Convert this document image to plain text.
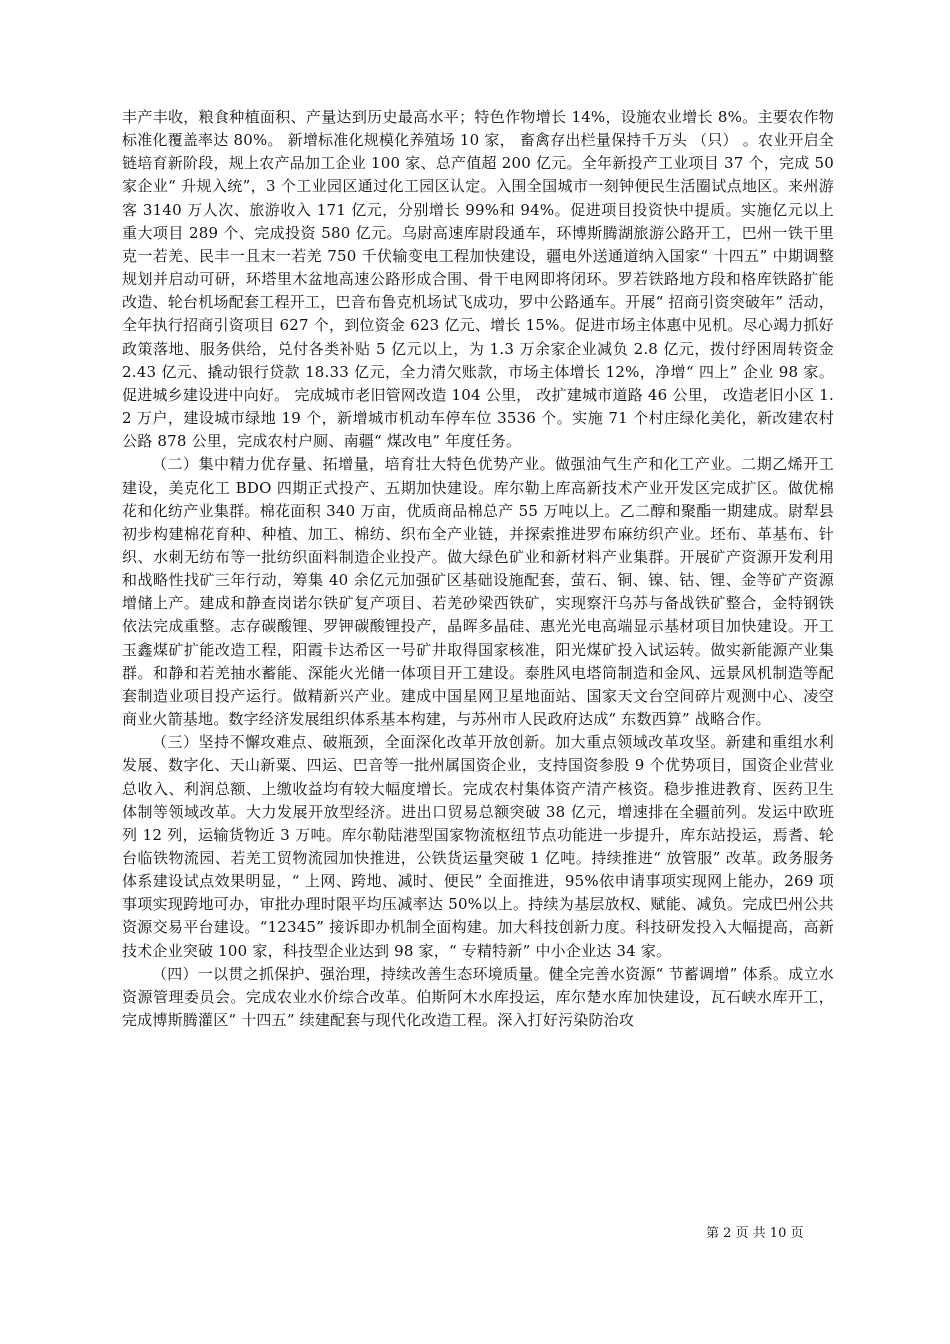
丰产丰收，粮食种植面积、产量达到历史最高水平；特色作物增长 14%，设施农业增长 8%。主要农作物标准化覆盖率达 80%。 新增标准化规模化养殖场 10 家， 畜禽存出栏量保持千万头 （只） 。农业开启全链培育新阶段，规上农产品加工企业 100 家、总产值超 200 亿元。全年新投产工业项目 37 个，完成 50 家企业“ 升规入统”，3 个工业园区通过化工园区认定。入围全国城市一刻钟便民生活圈试点地区。来州游客 3140 万人次、旅游收入 171 亿元，分别增长 99%和 94%。促进项目投资快中提质。实施亿元以上重大项目 289 个、完成投资 580 亿元。乌尉高速库尉段通车，环博斯腾湖旅游公路开工，巴州一铁干里克一若羌、民丰一且末一若羌 750 千伏输变电工程加快建设，疆电外送通道纳入国家“ 十四五” 中期调整规划并启动可研，环塔里木盆地高速公路形成合围、骨干电网即将闭环。罗若铁路地方段和格库铁路扩能改造、轮台机场配套工程开工，巴音布鲁克机场试飞成功，罗中公路通车。开展“ 招商引资突破年” 活动，全年执行招商引资项目 627 个，到位资金 623 亿元、增长 15%。促进市场主体惠中见机。尽心竭力抓好政策落地、服务供给，兑付各类补贴 5 亿元以上，为 1.3 万余家企业减负 2.8 亿元，拨付纾困周转资金 2.43 亿元、撬动银行贷款 18.33 亿元，全力清欠账款，市场主体增长 12%，净增“ 四上” 企业 98 家。促进城乡建设进中向好。 完成城市老旧管网改造 104 公里， 改扩建城市道路 46 公里， 改造老旧小区 1.2 万户，建设城市绿地 19 个，新增城市机动车停车位 3536 个。实施 71 个村庄绿化美化，新改建农村公路 878 公里，完成农村户厕、南疆“ 煤改电” 年度任务。

（二）集中精力优存量、拓增量，培育壮大特色优势产业。做强油气生产和化工产业。二期乙烯开工建设，美克化工 BDO 四期正式投产、五期加快建设。库尔勒上库高新技术产业开发区完成扩区。做优棉花和化纺产业集群。棉花面积 340 万亩，优质商品棉总产 55 万吨以上。乙二醇和聚酯一期建成。尉犁县初步构建棉花育种、种植、加工、棉纺、织布全产业链，并探索推进罗布麻纺织产业。坯布、革基布、针织、水刺无纺布等一批纺织面料制造企业投产。做大绿色矿业和新材料产业集群。开展矿产资源开发利用和战略性找矿三年行动，筹集 40 余亿元加强矿区基础设施配套，萤石、铜、镍、钴、锂、金等矿产资源增储上产。建成和静查岗诺尔铁矿复产项目、若羌砂梁西铁矿，实现察汗乌苏与备战铁矿整合，金特钢铁依法完成重整。志存碳酸锂、罗钾碳酸锂投产，晶晖多晶硅、惠光光电高端显示基材项目加快建设。开工玉鑫煤矿扩能改造工程，阳霞卡达希区一号矿井取得国家核准，阳光煤矿投入试运转。做实新能源产业集群。和静和若羌抽水蓄能、深能火光储一体项目开工建设。泰胜风电塔筒制造和金风、远景风机制造等配套制造业项目投产运行。做精新兴产业。建成中国星网卫星地面站、国家天文台空间碎片观测中心、凌空商业火箭基地。数字经济发展组织体系基本构建，与苏州市人民政府达成“ 东数西算” 战略合作。

（三）坚持不懈攻难点、破瓶颈，全面深化改革开放创新。加大重点领域改革攻坚。新建和重组水利发展、数字化、天山新粟、四运、巴音等一批州属国资企业，支持国资参股 9 个优势项目，国资企业营业总收入、利润总额、上缴收益均有较大幅度增长。完成农村集体资产清产核资。稳步推进教育、医药卫生体制等领域改革。大力发展开放型经济。进出口贸易总额突破 38 亿元，增速排在全疆前列。发运中欧班列 12 列，运输货物近 3 万吨。库尔勒陆港型国家物流枢纽节点功能进一步提升，库东站投运，焉耆、轮台临铁物流园、若羌工贸物流园加快推进，公铁货运量突破 1 亿吨。持续推进“ 放管服” 改革。政务服务体系建设试点效果明显，“ 上网、跨地、减时、便民” 全面推进，95%依申请事项实现网上能办，269 项事项实现跨地可办，审批办理时限平均压减率达 50%以上。持续为基层放权、赋能、减负。完成巴州公共资源交易平台建设。“12345” 接诉即办机制全面构建。加大科技创新力度。科技研发投入大幅提高，高新技术企业突破 100 家，科技型企业达到 98 家，“ 专精特新” 中小企业达 34 家。

（四）一以贯之抓保护、强治理，持续改善生态环境质量。健全完善水资源“ 节蓄调增” 体系。成立水资源管理委员会。完成农业水价综合改革。伯斯阿木水库投运，库尔楚水库加快建设，瓦石峡水库开工，完成博斯腾灌区“ 十四五” 续建配套与现代化改造工程。深入打好污染防治攻

第 2 页 共 10 页
